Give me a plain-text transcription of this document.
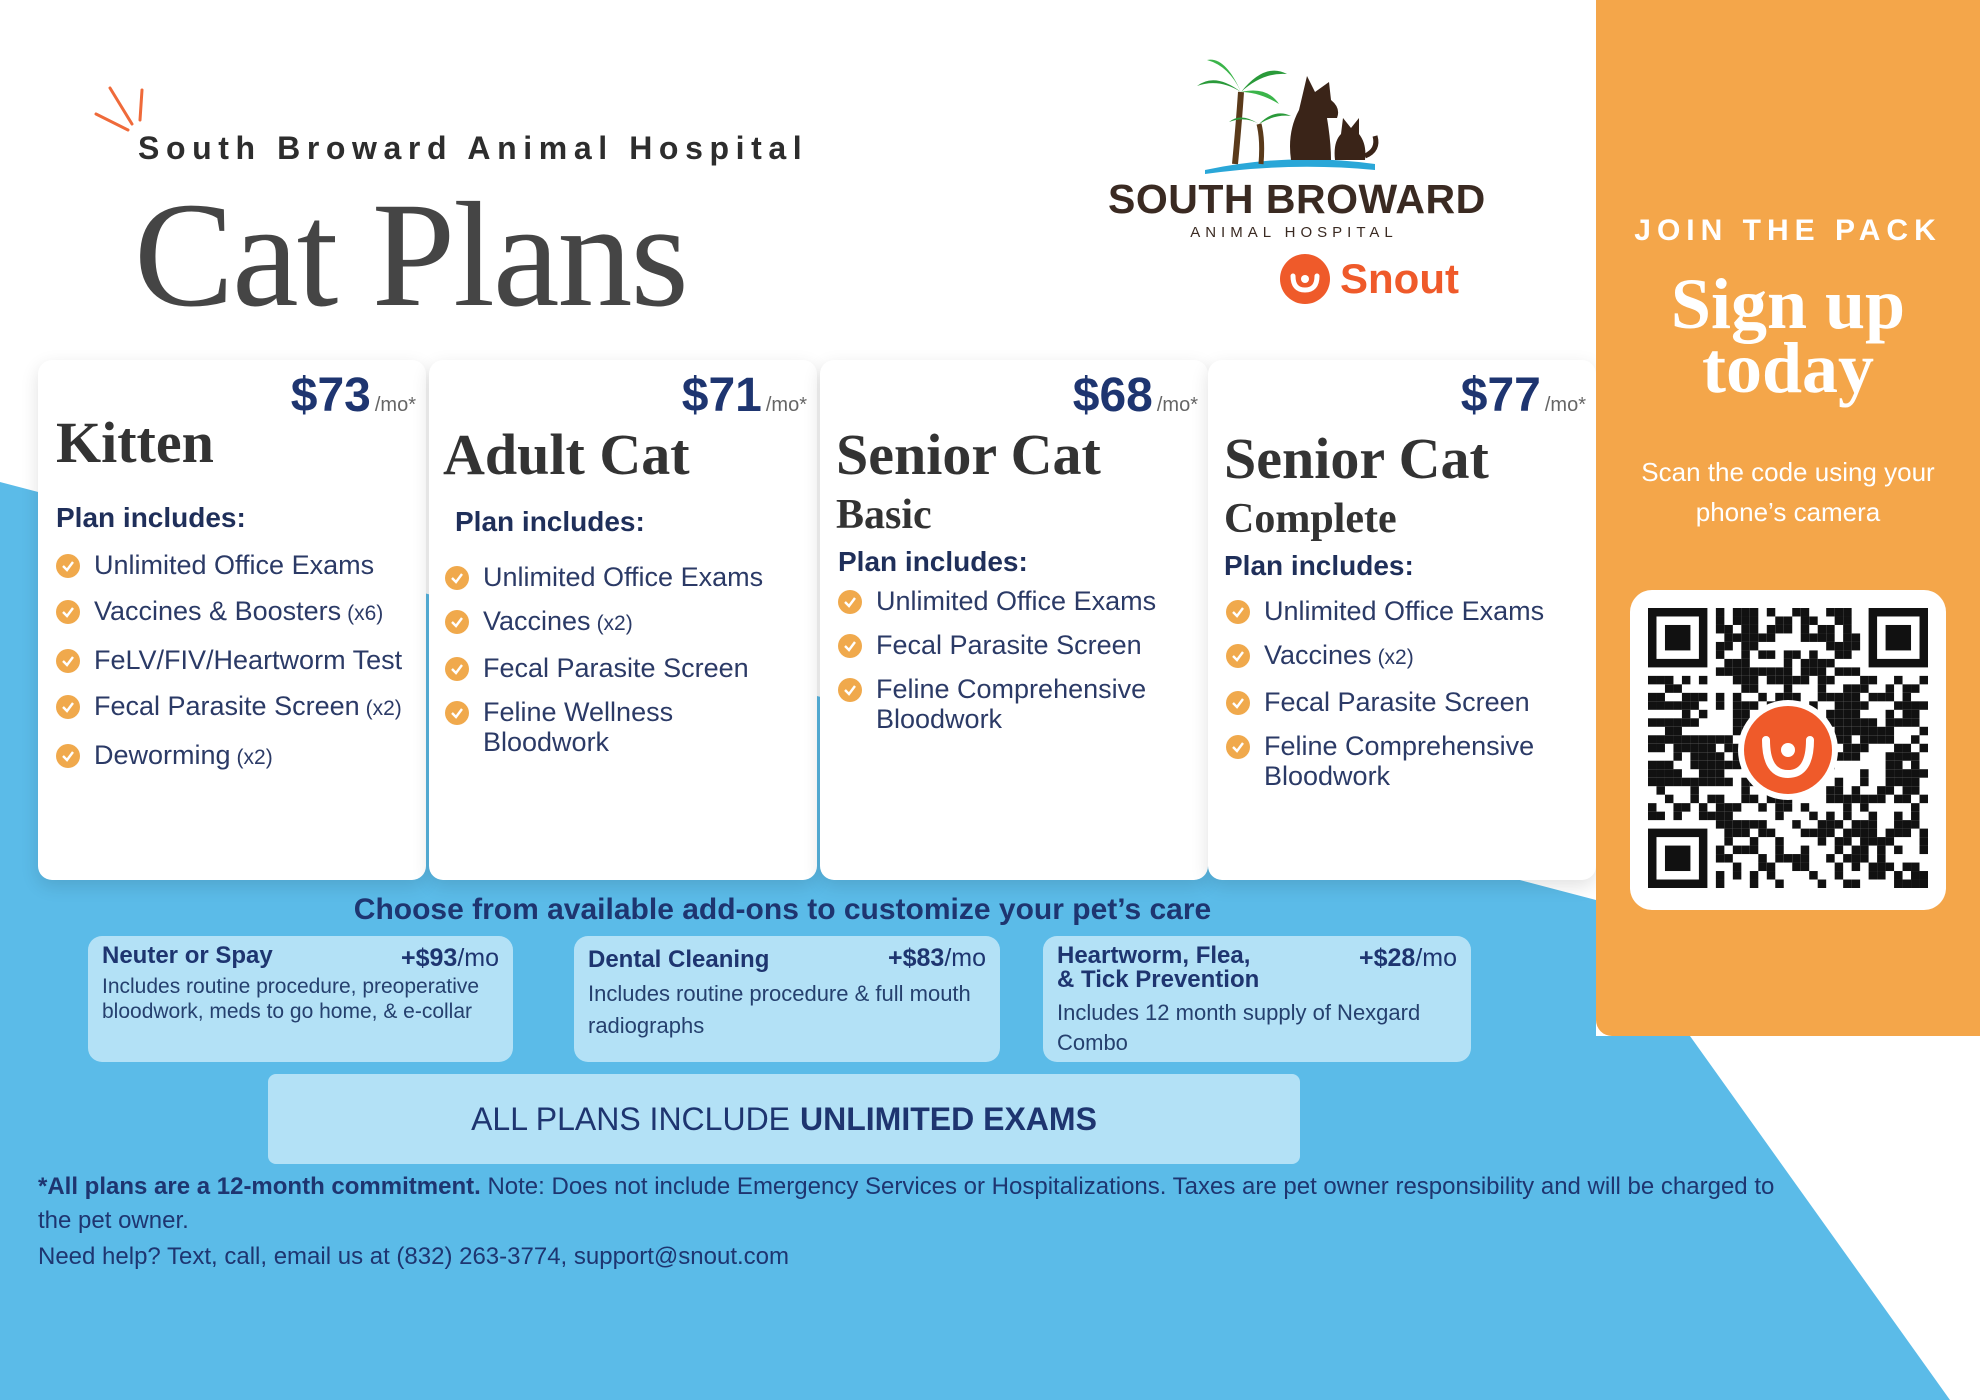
South Broward Animal Hospital
Cat Plans	SOUTH BROWARD
ANIMAL HOSPITAL
Snout
$73 /mo*
Kitten
Plan includes:
Unlimited Office Exams
Vaccines & Boosters (x6)
FeLV/FIV/Heartworm Test
Fecal Parasite Screen (x2)
Deworming (x2)
$71 /mo*
Adult Cat
Plan includes:
Unlimited Office Exams
Vaccines (x2)
Fecal Parasite Screen
Feline Wellness
Bloodwork
$68 /mo*
Senior Cat
Basic
Plan includes:
Unlimited Office Exams
Fecal Parasite Screen
Feline Comprehensive
Bloodwork
$77 /mo*
Senior Cat
Complete
Plan includes:
Unlimited Office Exams
Vaccines (x2)
Fecal Parasite Screen
Feline Comprehensive
Bloodwork
Choose from available add-ons to customize your pet’s care
Neuter or Spay	+$93/mo
Includes routine procedure, preoperative bloodwork, meds to go home, & e-collar
Dental Cleaning	+$83/mo
Includes routine procedure & full mouth radiographs
Heartworm, Flea,
& Tick Prevention
+$28/mo
Includes 12 month supply of Nexgard Combo
ALL PLANS INCLUDE UNLIMITED EXAMS
*All plans are a 12-month commitment. Note: Does not include Emergency Services or Hospitalizations. Taxes are pet owner responsibility and will be charged to the pet owner.
Need help? Text, call, email us at (832) 263-3774, support@snout.com
JOIN THE PACK
Sign up
today
Scan the code using your phone’s camera
